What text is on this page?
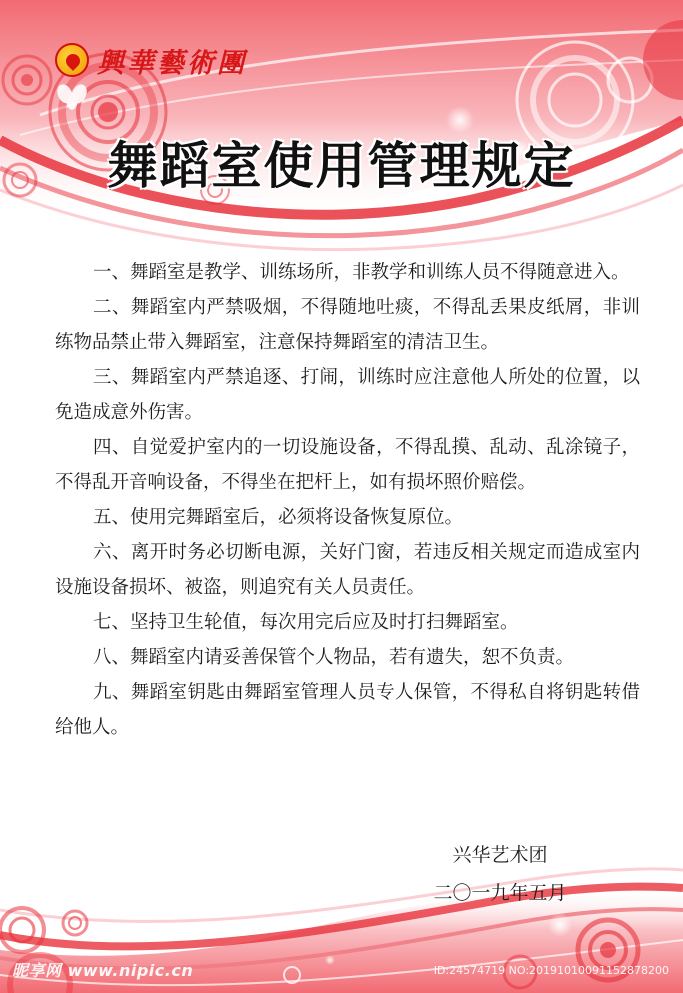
興華藝術團
舞蹈室使用管理规定

一、舞蹈室是教学、训练场所，非教学和训练人员不得随意进入。

二、舞蹈室内严禁吸烟，不得随地吐痰，不得乱丢果皮纸屑，非训练物品禁止带入舞蹈室，注意保持舞蹈室的清洁卫生。

三、舞蹈室内严禁追逐、打闹，训练时应注意他人所处的位置，以免造成意外伤害。

四、自觉爱护室内的一切设施设备，不得乱摸、乱动、乱涂镜子，不得乱开音响设备，不得坐在把杆上，如有损坏照价赔偿。

五、使用完舞蹈室后，必须将设备恢复原位。

六、离开时务必切断电源，关好门窗，若违反相关规定而造成室内设施设备损坏、被盗，则追究有关人员责任。

七、坚持卫生轮值，每次用完后应及时打扫舞蹈室。

八、舞蹈室内请妥善保管个人物品，若有遗失，恕不负责。

九、舞蹈室钥匙由舞蹈室管理人员专人保管，不得私自将钥匙转借给他人。

兴华艺术团
二〇一九年五月
昵享网 www.nipic.cn	ID:24574719 NO:20191010091152878200
